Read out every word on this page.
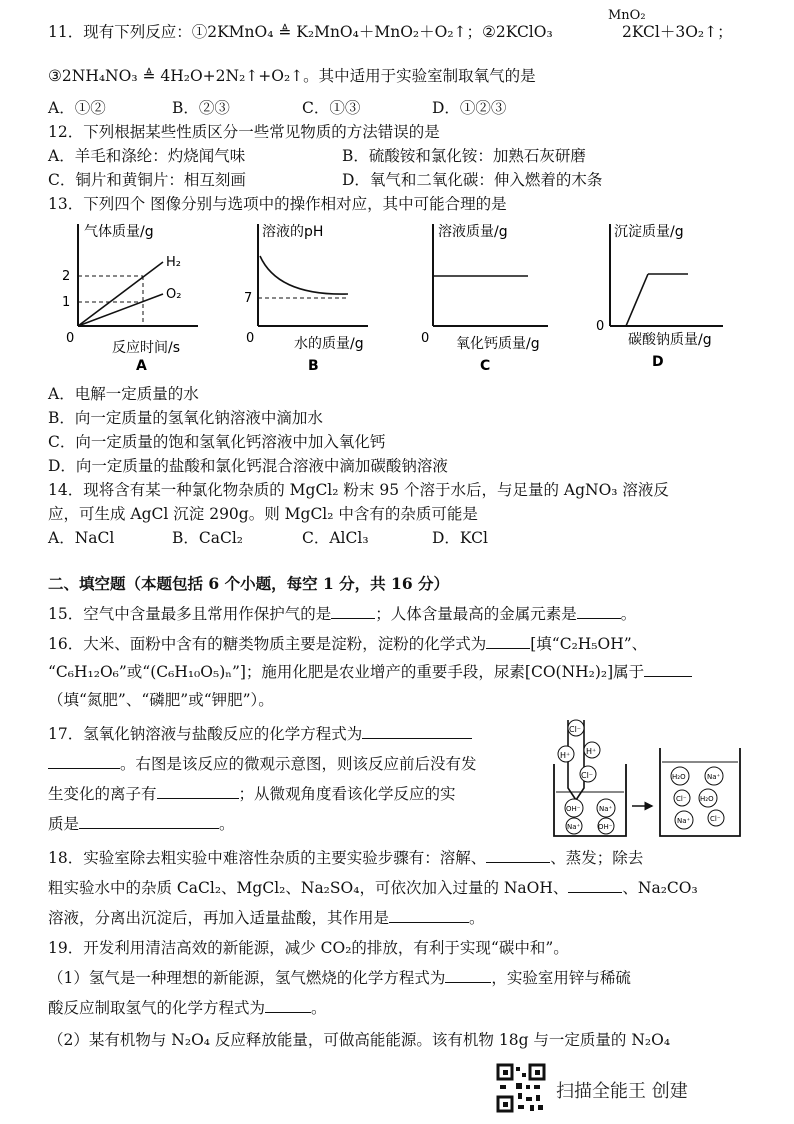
11．现有下列反应：①2KMnO₄ ≜ K₂MnO₄＋MnO₂＋O₂↑；②2KClO₃
MnO₂
2KCl＋3O₂↑；
③2NH₄NO₃ ≜ 4H₂O+2N₂↑+O₂↑。其中适用于实验室制取氧气的是
A．①②	B．②③	C．①③	D．①②③
12．下列根据某些性质区分一些常见物质的方法错误的是
A．羊毛和涤纶：灼烧闻气味	B．硫酸铵和氯化铵：加熟石灰研磨
C．铜片和黄铜片：相互刻画	D．氧气和二氧化碳：伸入燃着的木条
13．下列四个 图像分别与选项中的操作相对应，其中可能合理的是
气体质量/g
2
1
H₂
O₂
0
反应时间/s
A
溶液的pH
7
0	水的质量/g
B
溶液质量/g
0 氧化钙质量/g
C
沉淀质量/g
0
碳酸钠质量/g
D
A．电解一定质量的水
B．向一定质量的氢氧化钠溶液中滴加水
C．向一定质量的饱和氢氧化钙溶液中加入氧化钙
D．向一定质量的盐酸和氯化钙混合溶液中滴加碳酸钠溶液
14．现将含有某一种氯化物杂质的 MgCl₂ 粉末 95 个溶于水后，与足量的 AgNO₃ 溶液反
应，可生成 AgCl 沉淀 290g。则 MgCl₂ 中含有的杂质可能是
A．NaCl	B．CaCl₂	C．AlCl₃	D．KCl
二、填空题（本题包括 6 个小题，每空 1 分，共 16 分）
15．空气中含量最多且常用作保护气的是	；人体含量最高的金属元素是	。
16．大米、面粉中含有的糖类物质主要是淀粉，淀粉的化学式为	[填“C₂H₅OH”、
“C₆H₁₂O₆”或“(C₆H₁₀O₅)ₙ”]；施用化肥是农业增产的重要手段，尿素[CO(NH₂)₂]属于
（填“氮肥”、“磷肥”或“钾肥”）。
17．氢氧化钠溶液与盐酸反应的化学方程式为
。右图是该反应的微观示意图，则该反应前后没有发
生变化的离子有	；从微观角度看该化学反应的实
质是	。
Cl⁻
H⁺
H⁺
Cl⁻
OH⁻	Na⁺
Na⁺	OH⁻
H₂O	Na⁺
Cl⁻ H₂O
Na⁺	Cl⁻
18．实验室除去粗实验中难溶性杂质的主要实验步骤有：溶解、	、蒸发；除去
粗实验水中的杂质 CaCl₂、MgCl₂、Na₂SO₄，可依次加入过量的 NaOH、	、Na₂CO₃
溶液，分离出沉淀后，再加入适量盐酸，其作用是	。
19．开发利用清洁高效的新能源，减少 CO₂的排放，有利于实现“碳中和”。
（1）氢气是一种理想的新能源，氢气燃烧的化学方程式为	，实验室用锌与稀硫
酸反应制取氢气的化学方程式为	。
（2）某有机物与 N₂O₄ 反应释放能量，可做高能能源。该有机物 18g 与一定质量的 N₂O₄
扫描全能王 创建
